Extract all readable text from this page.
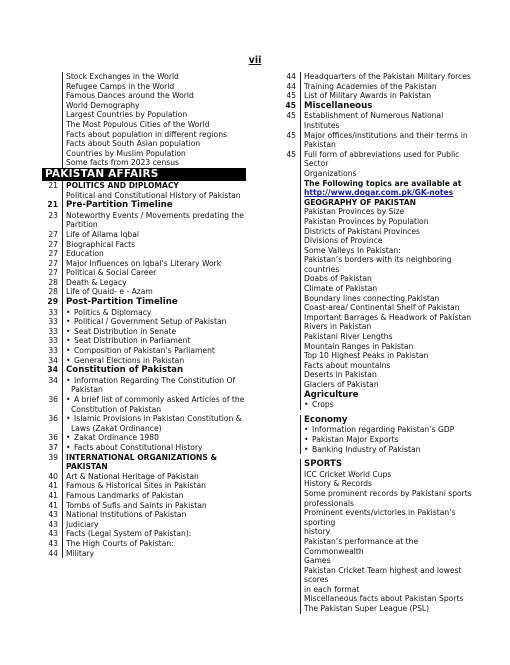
vii
Stock Exchanges in the World
Refugee Camps in the World
Famous Dances around the World
World Demography
Largest Countries by Population
The Most Populous Cities of the World
Facts about population in different regions
Facts about South Asian population
Countries by Muslim Population
Some facts from 2023 census
PAKISTAN AFFAIRS
21	POLITICS AND DIPLOMACY
Political and Constitutional History of Pakistan
21 Pre-Partition Timeline
23	Noteworthy Events / Movements predating the
Partition
27	Life of Allama Iqbal
27	Biographical Facts
27	Education
27	Major Influences on Iqbal’s Literary Work
27	Political & Social Career
28	Death & Legacy
28	Life of Quaid- e - Azam
29 Post-Partition Timeline
33	• Politics & Diplomacy
33	• Political / Government Setup of Pakistan
33	• Seat Distribution in Senate
33	• Seat Distribution in Parliament
33	• Composition of Pakistan’s Parliament
34	• General Elections in Pakistan
34 Constitution of Pakistan
34	• Information Regarding The Constitution Of
Pakistan
36	• A brief list of commonly asked Articles of the
Constitution of Pakistan
36	• Islamic Provisions in Pakistan Constitution &
Laws (Zakat Ordinance)
36	• Zakat Ordinance 1980
37	• Facts about Constitutional History
39	INTERNATIONAL ORGANIZATIONS & PAKISTAN
40	Art & National Heritage of Pakistan
41	Famous & Historical Sites in Pakistan
41	Famous Landmarks of Pakistan
41	Tombs of Sufis and Saints in Pakistan
43	National Institutions of Pakistan
43	Judiciary
43	Facts (Legal System of Pakistan):
43	The High Courts of Pakistan:
44	Military
44	Headquarters of the Pakistan Military forces
44	Training Academies of the Pakistan
45	List of Military Awards in Pakistan
45 Miscellaneous
45	Establishment of Numerous National Institutes
45	Major offices/institutions and their terms in
Pakistan
45	Full form of abbreviations used for Public Sector
Organizations
The Following topics are available at
http://www.dogar.com.pk/GK-notes
GEOGRAPHY OF PAKISTAN
Pakistan Provinces by Size
Pakistan Provinces by Population
Districts of Pakistani Provinces
Divisions of Province
Some Valleys In Pakistan:
Pakistan’s borders with its neighboring countries
Doabs of Pakistan
Climate of Pakistan
Boundary lines connecting Pakistan
Coast-area/ Continental Shelf of Pakistan
Important Barrages & Headwork of Pakistan
Rivers in Pakistan
Pakistani River Lengths
Mountain Ranges in Pakistan
Top 10 Highest Peaks in Pakistan
Facts about mountains
Deserts in Pakistan
Glaciers of Pakistan
Agriculture
• Crops
Economy
• Information regarding Pakistan’s GDP
• Pakistan Major Exports
• Banking Industry of Pakistan
SPORTS
ICC Cricket World Cups
History & Records
Some prominent records by Pakistani sports
professionals
Prominent events/victories in Pakistan’s sporting
history
Pakistan’s performance at the Commonwealth
Games
Pakistan Cricket Team highest and lowest scores
in each format
Miscellaneous facts about Pakistan Sports
The Pakistan Super League (PSL)
